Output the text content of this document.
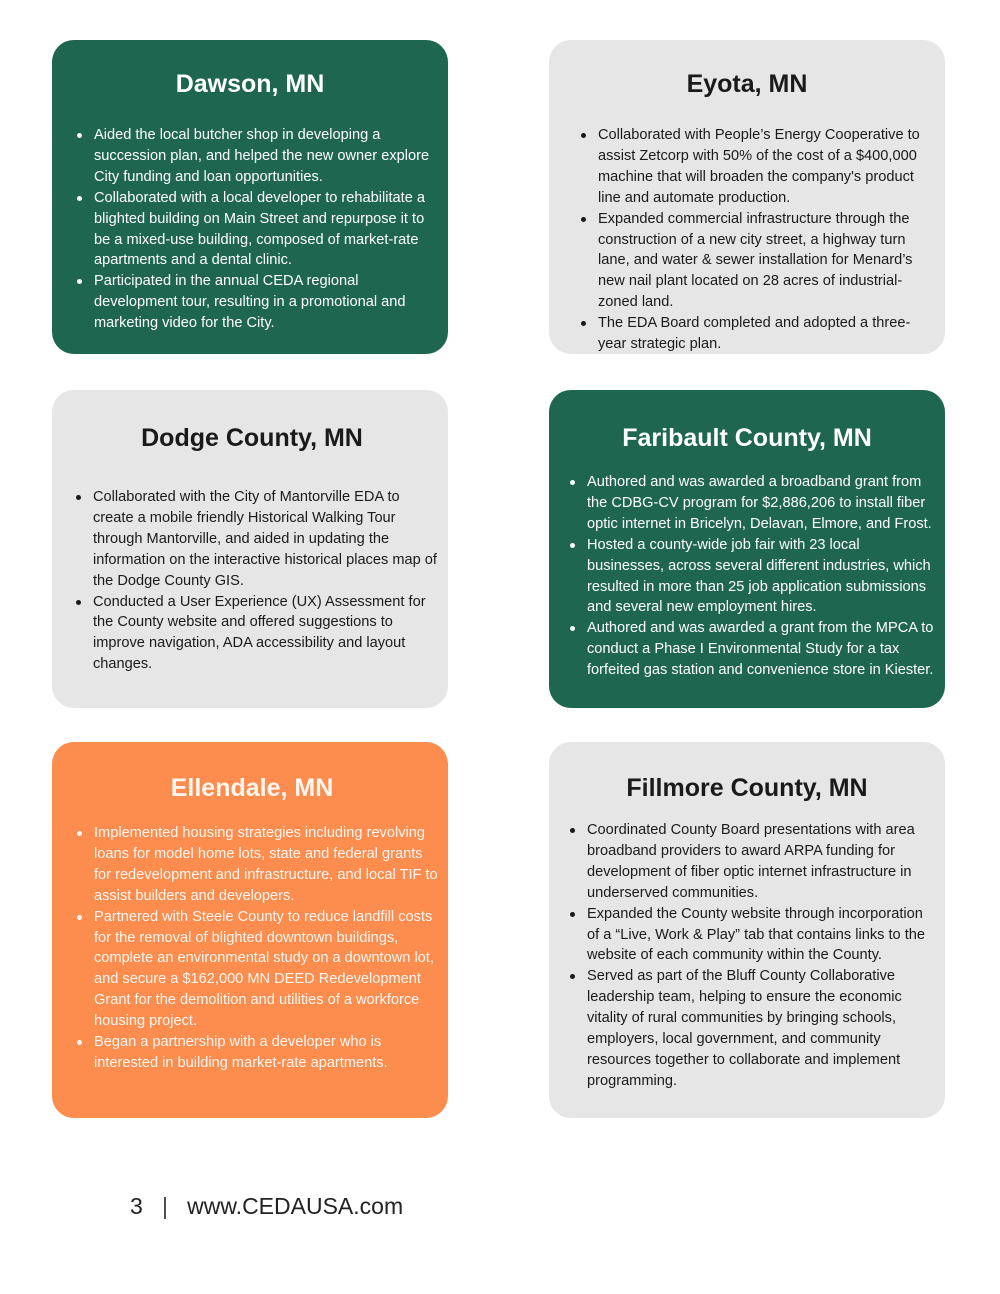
Dawson, MN
Aided the local butcher shop in developing a succession plan, and helped the new owner explore City funding and loan opportunities.
Collaborated with a local developer to rehabilitate a blighted building on Main Street and repurpose it to be a mixed-use building, composed of market-rate apartments and a dental clinic.
Participated in the annual CEDA regional development tour, resulting in a promotional and marketing video for the City.
Eyota, MN
Collaborated with People’s Energy Cooperative to assist Zetcorp with 50% of the cost of a $400,000 machine that will broaden the company's product line and automate production.
Expanded commercial infrastructure through the construction of a new city street, a highway turn lane, and water & sewer installation for Menard’s new nail plant located on 28 acres of industrial-zoned land.
The EDA Board completed and adopted a three-year strategic plan.
Dodge County, MN
Collaborated with the City of Mantorville EDA to create a mobile friendly Historical Walking Tour through Mantorville, and aided in updating the information on the interactive historical places map of the Dodge County GIS.
Conducted a User Experience (UX) Assessment for the County website and offered suggestions to improve navigation, ADA accessibility and layout changes.
Faribault County, MN
Authored and was awarded a broadband grant from the CDBG-CV program for $2,886,206 to install fiber optic internet in Bricelyn, Delavan, Elmore, and Frost.
Hosted a county-wide job fair with 23 local businesses, across several different industries, which resulted in more than 25 job application submissions and several new employment hires.
Authored and was awarded a grant from the MPCA to conduct a Phase I Environmental Study for a tax forfeited gas station and convenience store in Kiester.
Ellendale, MN
Implemented housing strategies including revolving loans for model home lots, state and federal grants for redevelopment and infrastructure, and local TIF to assist builders and developers.
Partnered with Steele County to reduce landfill costs for the removal of blighted downtown buildings, complete an environmental study on a downtown lot, and secure a $162,000 MN DEED Redevelopment Grant for the demolition and utilities of a workforce housing project.
Began a partnership with a developer who is interested in building market-rate apartments.
Fillmore County, MN
Coordinated County Board presentations with area broadband providers to award ARPA funding for development of fiber optic internet infrastructure in underserved communities.
Expanded the County website through incorporation of a “Live, Work & Play” tab that contains links to the website of each community within the County.
Served as part of the Bluff County Collaborative leadership team, helping to ensure the economic vitality of rural communities by bringing schools, employers, local government, and community resources together to collaborate and implement programming.
3 | www.CEDAUSA.com
